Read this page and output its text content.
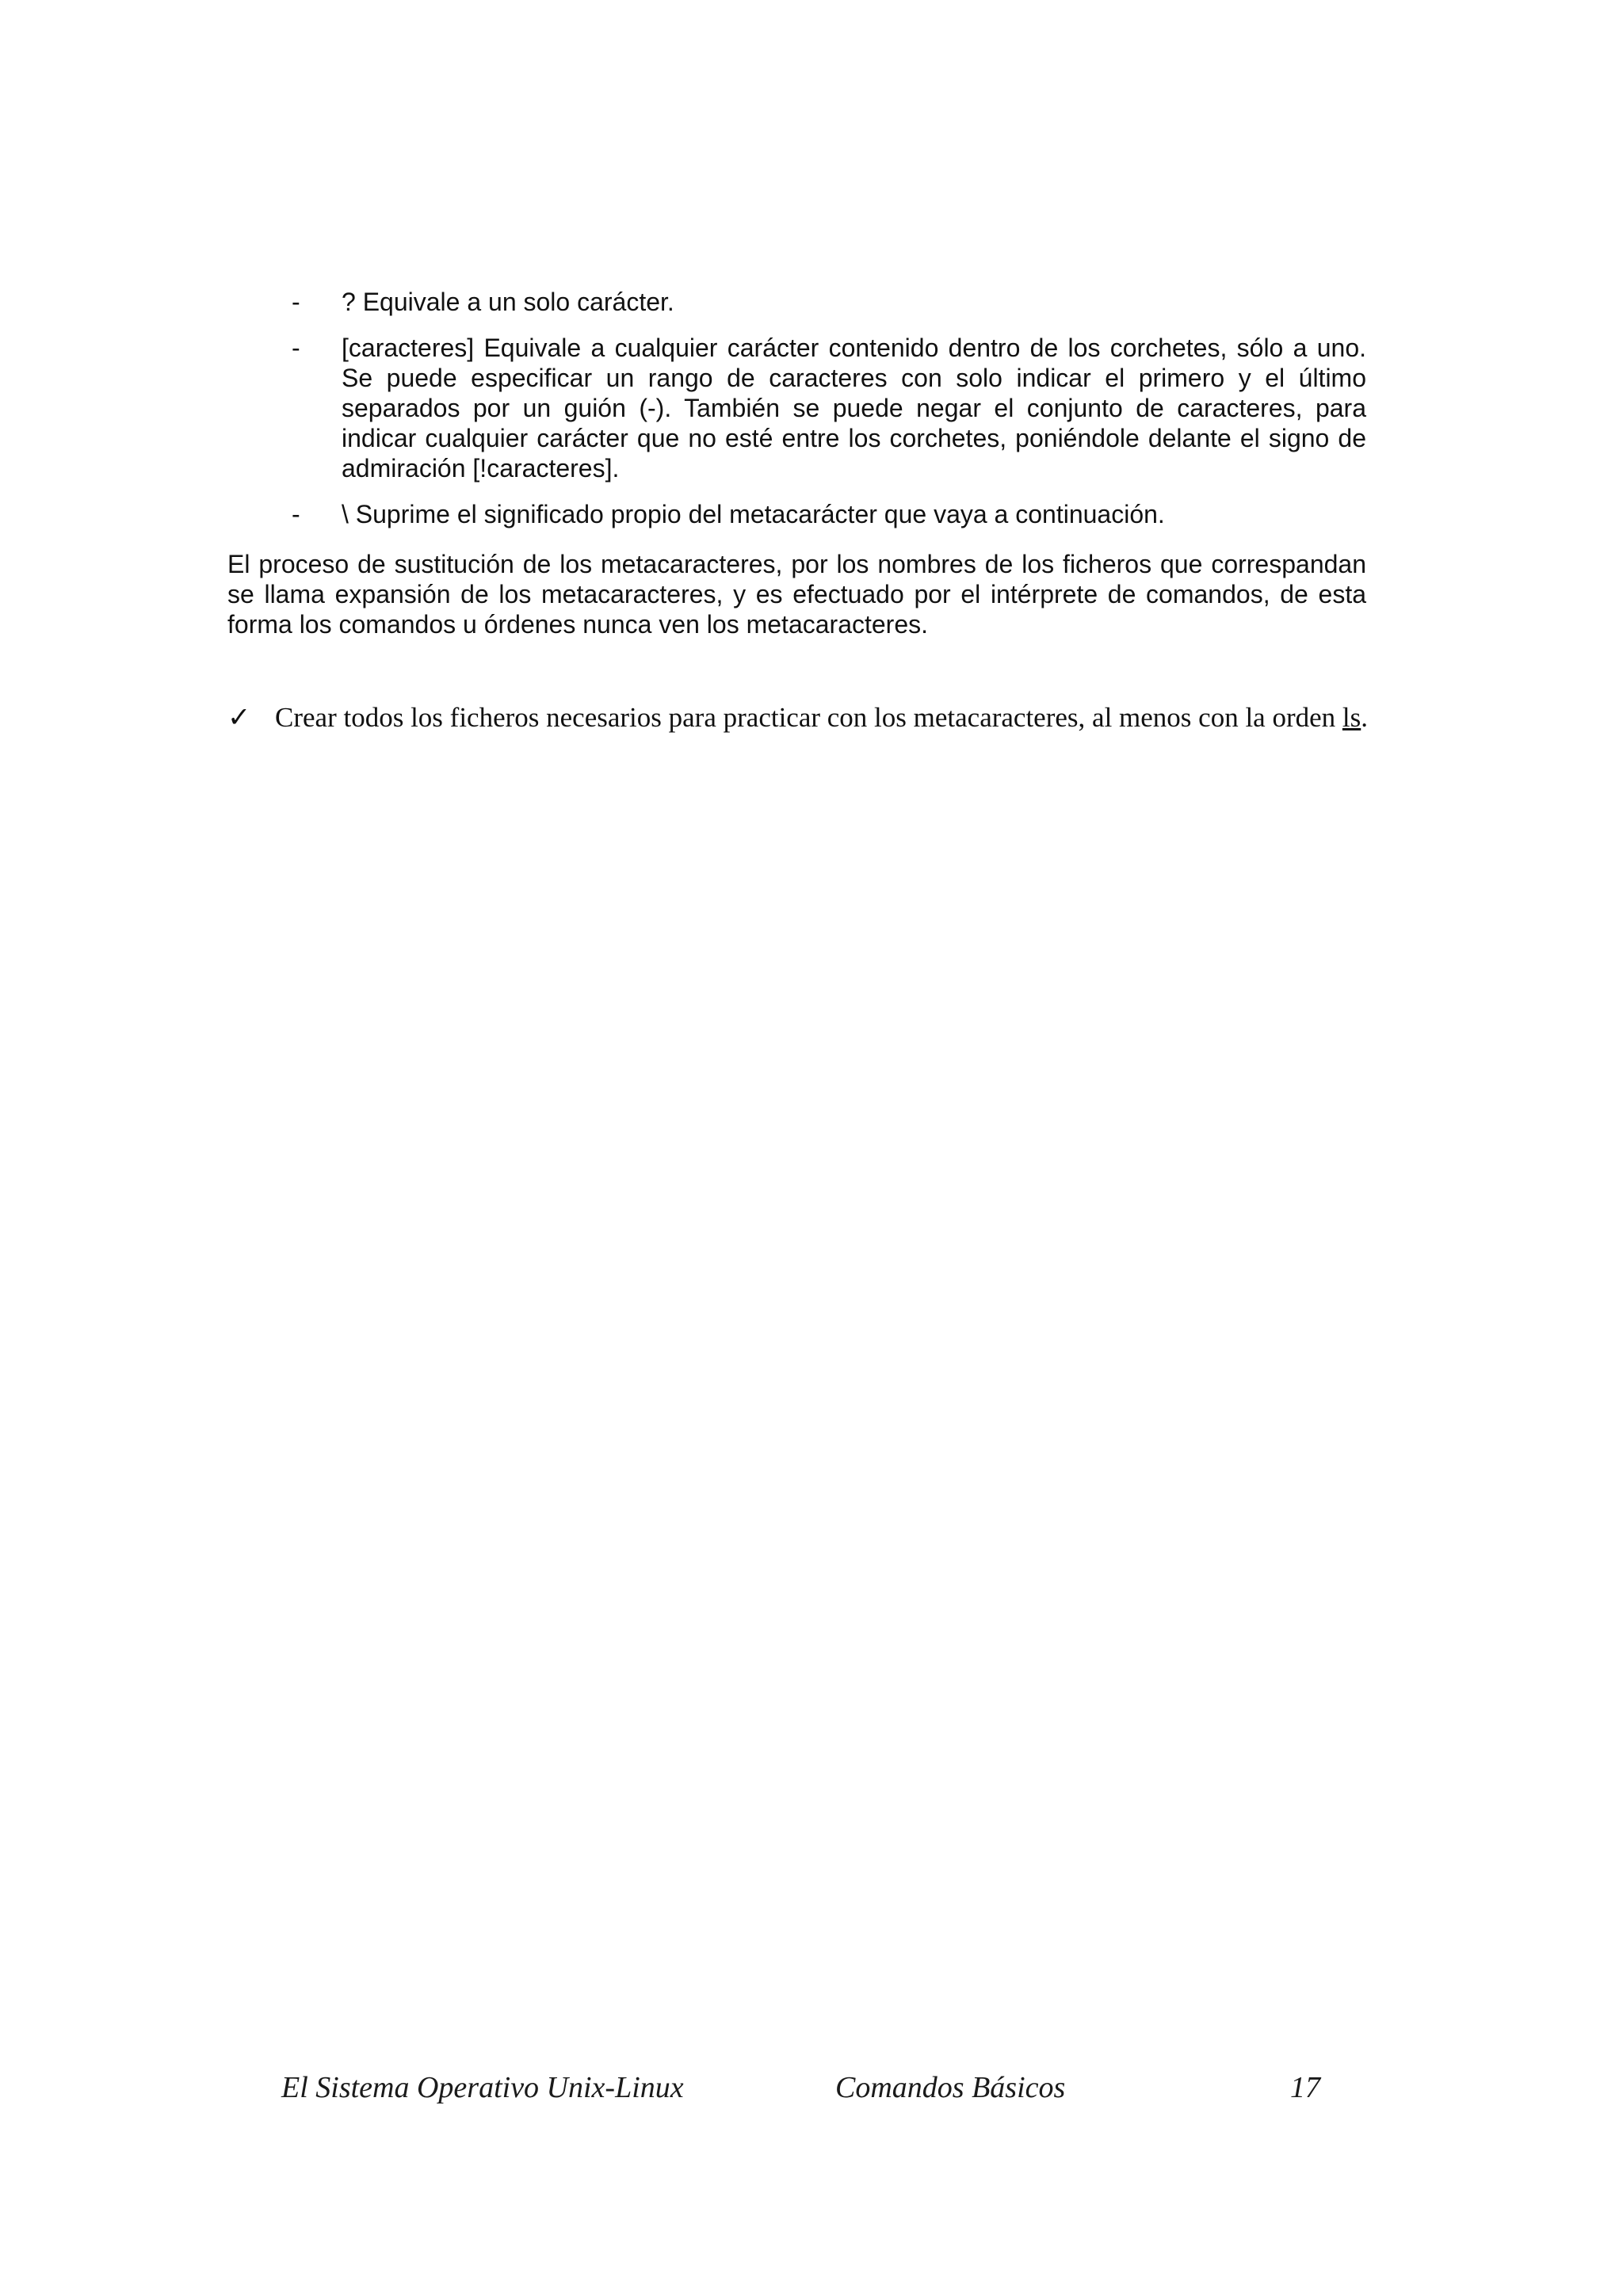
- ? Equivale a un solo carácter.
- [caracteres] Equivale a cualquier carácter contenido dentro de los corchetes, sólo a uno. Se puede especificar un rango de caracteres con solo indicar el primero y el último separados por un guión (-). También se puede negar el conjunto de caracteres, para indicar cualquier carácter que no esté entre los corchetes, poniéndole delante el signo de admiración [!caracteres].
- \ Suprime el significado propio del metacarácter que vaya a continuación.

El proceso de sustitución de los metacaracteres, por los nombres de los ficheros que correspandan se llama expansión de los metacaracteres, y es efectuado por el intérprete de comandos, de esta forma los comandos u órdenes nunca ven los metacaracteres.

✓ Crear todos los ficheros necesarios para practicar con los metacaracteres, al menos con la orden ls.
El Sistema Operativo Unix-Linux	Comandos Básicos	17
